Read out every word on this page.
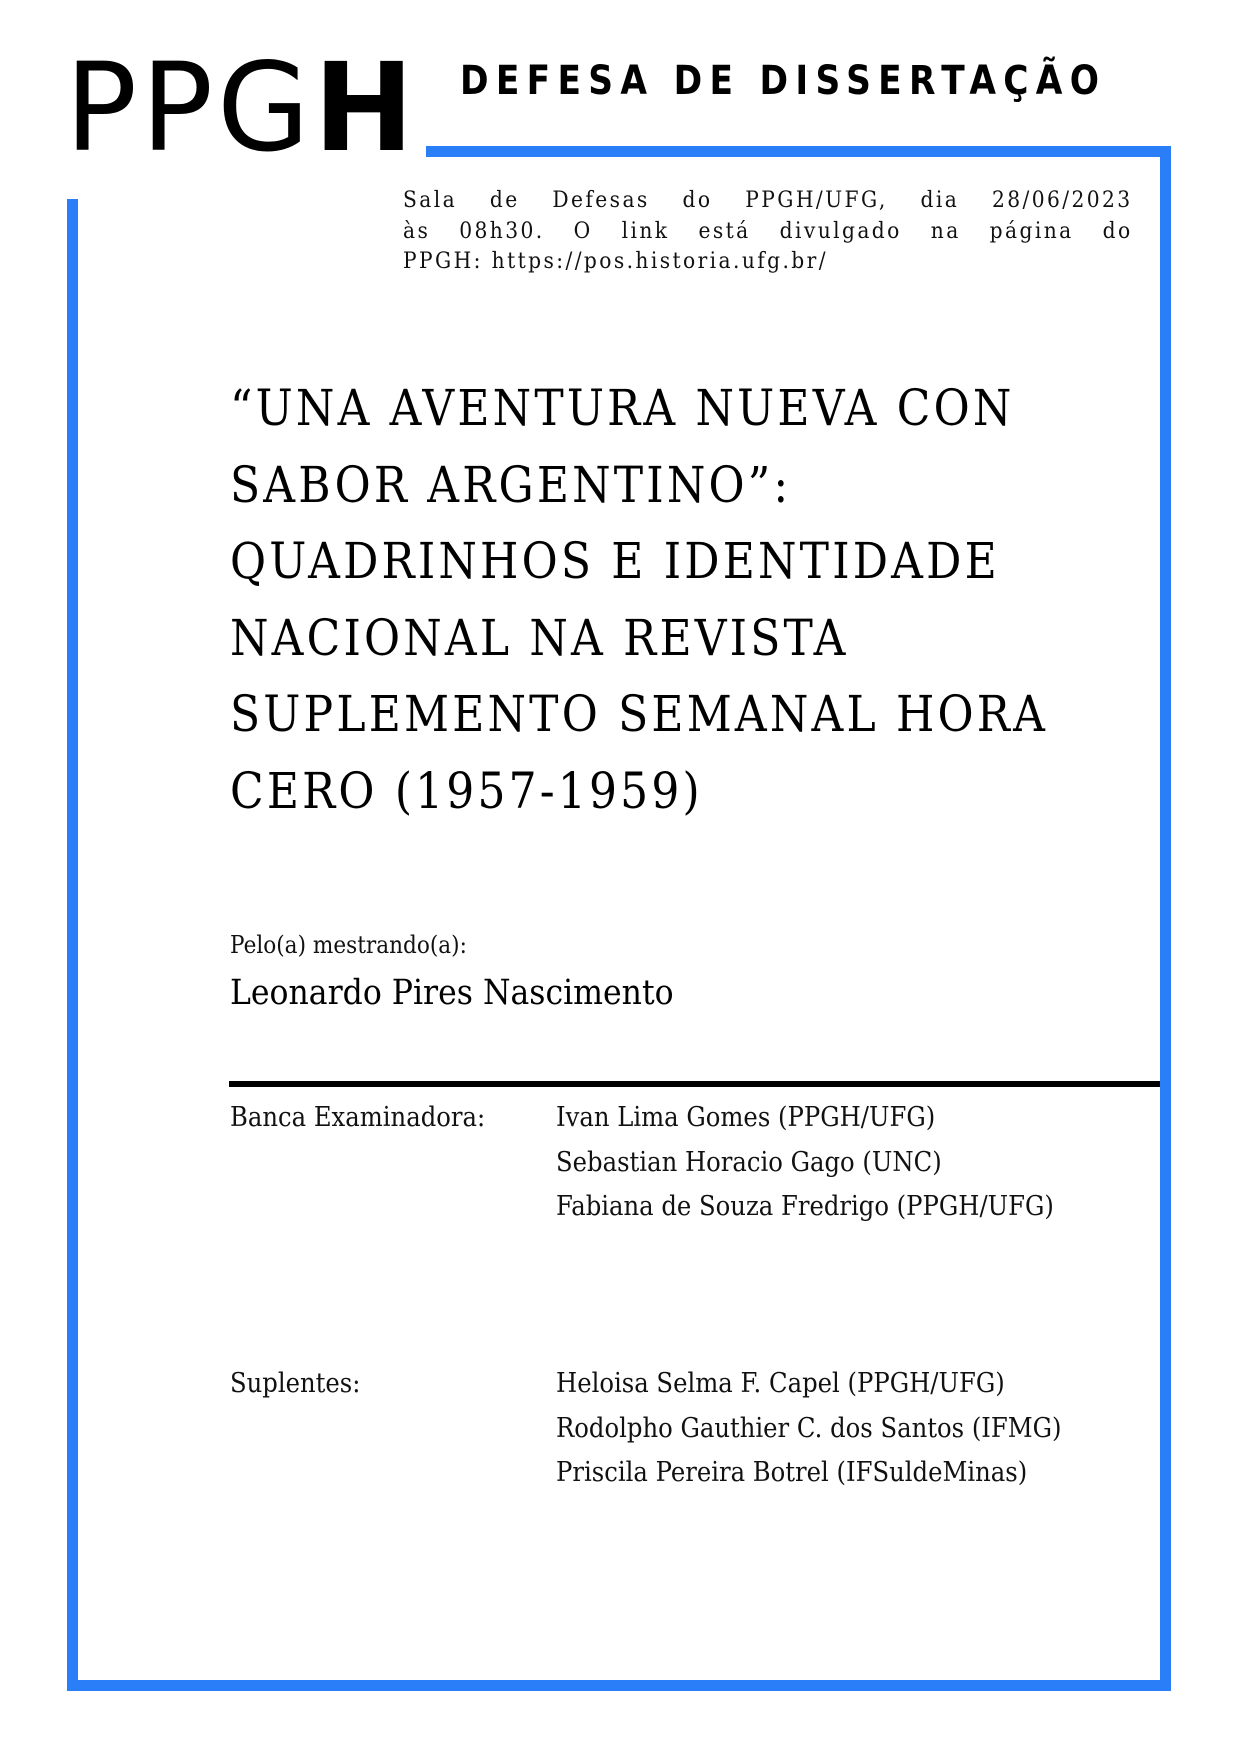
PPGH DEFESA DE DISSERTAÇÃO
Sala de Defesas do PPGH/UFG, dia 28/06/2023
às 08h30. O link está divulgado na página do
PPGH: https://pos.historia.ufg.br/
“UNA AVENTURA NUEVA CON
SABOR ARGENTINO”:
QUADRINHOS E IDENTIDADE
NACIONAL NA REVISTA
SUPLEMENTO SEMANAL HORA
CERO (1957-1959)
Pelo(a) mestrando(a):
Leonardo Pires Nascimento
Banca Examinadora:	Ivan Lima Gomes (PPGH/UFG)
Sebastian Horacio Gago (UNC)
Fabiana de Souza Fredrigo (PPGH/UFG)
Suplentes:	Heloisa Selma F. Capel (PPGH/UFG)
Rodolpho Gauthier C. dos Santos (IFMG)
Priscila Pereira Botrel (IFSuldeMinas)
